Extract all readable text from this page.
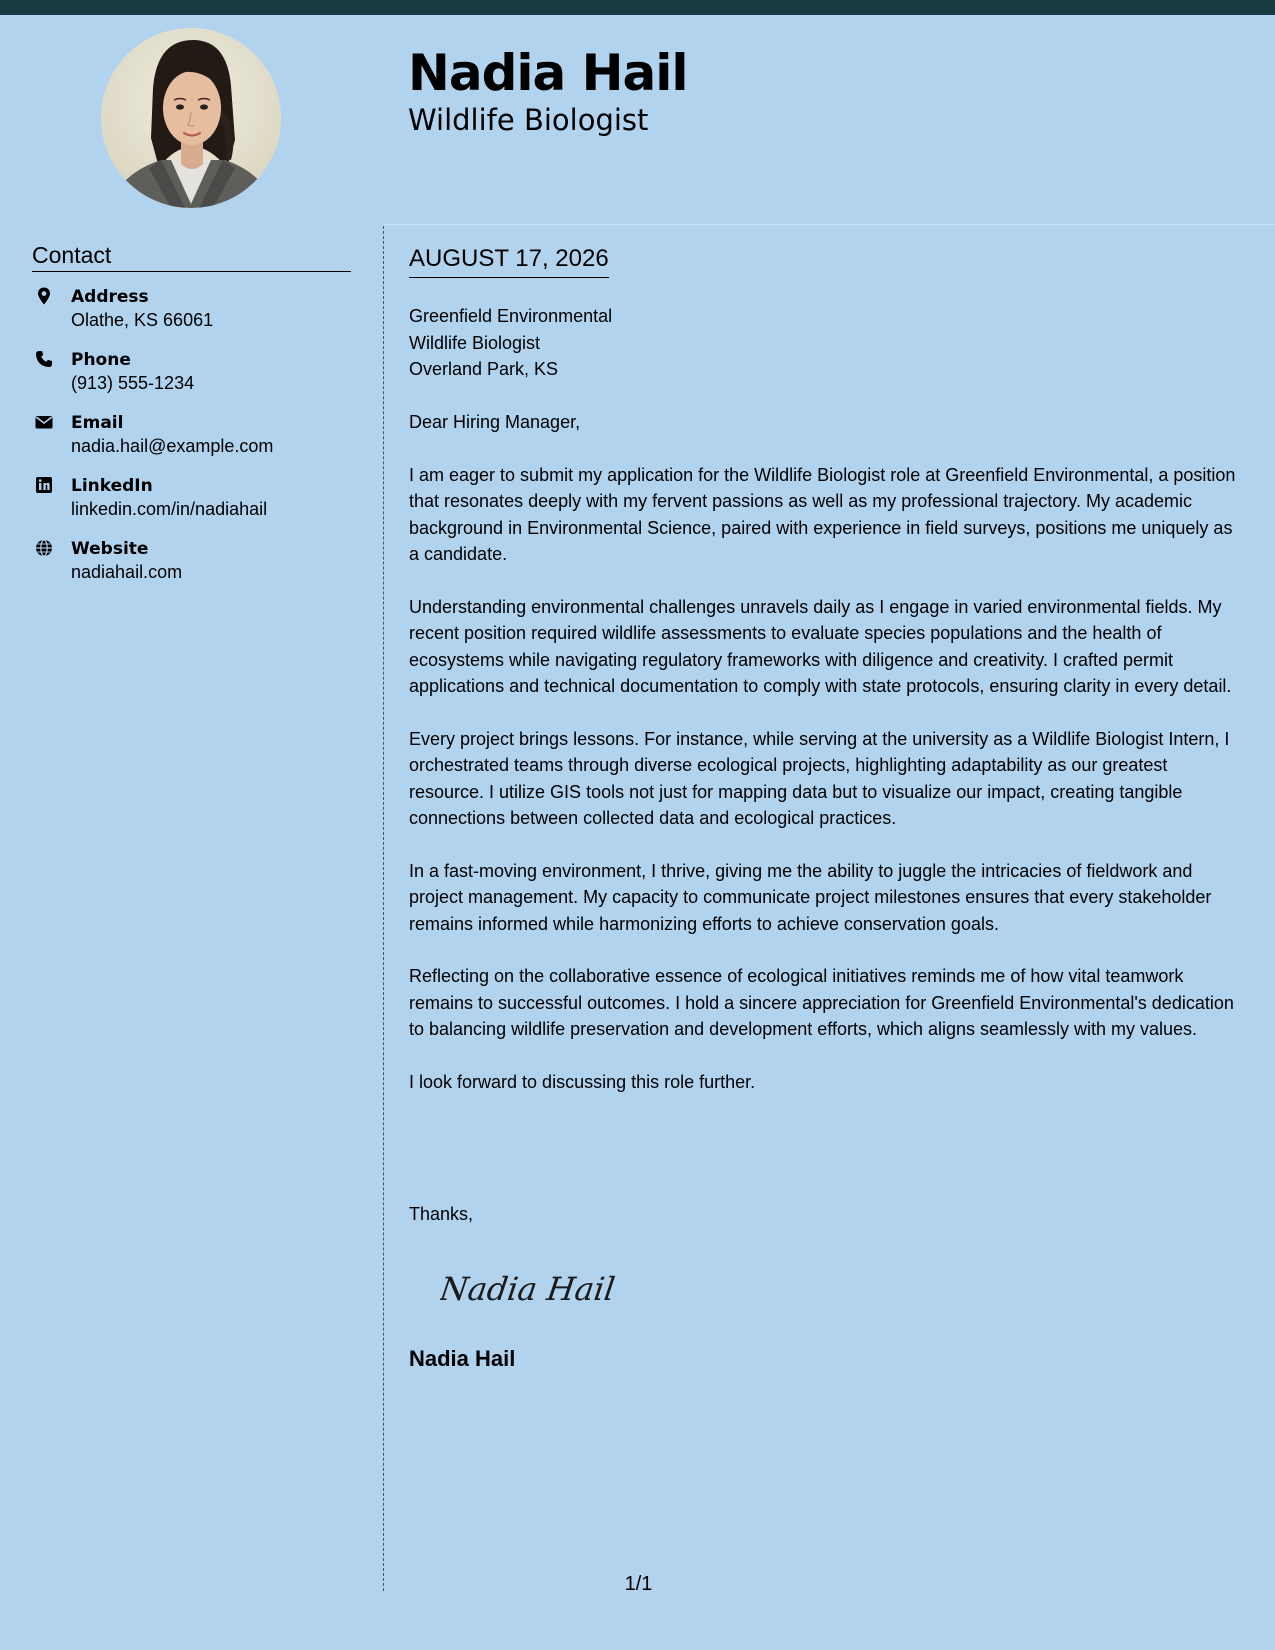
Nadia Hail
Wildlife Biologist
Contact
Address
Olathe, KS 66061
Phone
(913) 555-1234
Email
nadia.hail@example.com
LinkedIn
linkedin.com/in/nadiahail
Website
nadiahail.com
AUGUST 17, 2026
Greenfield Environmental
Wildlife Biologist
Overland Park, KS

Dear Hiring Manager,

I am eager to submit my application for the Wildlife Biologist role at Greenfield Environmental, a position that resonates deeply with my fervent passions as well as my professional trajectory. My academic background in Environmental Science, paired with experience in field surveys, positions me uniquely as a candidate.

Understanding environmental challenges unravels daily as I engage in varied environmental fields. My recent position required wildlife assessments to evaluate species populations and the health of ecosystems while navigating regulatory frameworks with diligence and creativity. I crafted permit applications and technical documentation to comply with state protocols, ensuring clarity in every detail.

Every project brings lessons. For instance, while serving at the university as a Wildlife Biologist Intern, I orchestrated teams through diverse ecological projects, highlighting adaptability as our greatest resource. I utilize GIS tools not just for mapping data but to visualize our impact, creating tangible connections between collected data and ecological practices.

In a fast-moving environment, I thrive, giving me the ability to juggle the intricacies of fieldwork and project management. My capacity to communicate project milestones ensures that every stakeholder remains informed while harmonizing efforts to achieve conservation goals.

Reflecting on the collaborative essence of ecological initiatives reminds me of how vital teamwork remains to successful outcomes. I hold a sincere appreciation for Greenfield Environmental's dedication to balancing wildlife preservation and development efforts, which aligns seamlessly with my values.

I look forward to discussing this role further.

Thanks,
Nadia Hail
Nadia Hail
1/1
